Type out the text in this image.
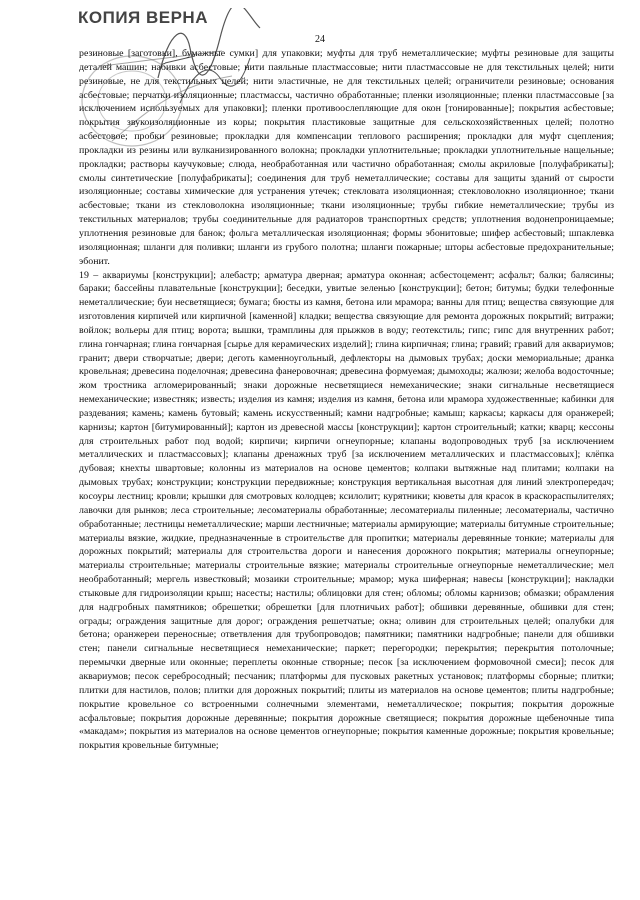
КОПИЯ ВЕРНА
24

резиновые [заготовки], бумажные сумки] для упаковки; муфты для труб неметаллические; муфты резиновые для защиты деталей машин; набивки асбестовые; нити паяльные пластмассовые; нити пластмассовые не для текстильных целей; нити резиновые, не для текстильных целей; нити эластичные, не для текстильных целей; ограничители резиновые; основания асбестовые; перчатки изоляционные; пластмассы, частично обработанные; пленки изоляционные; пленки пластмассовые [за исключением используемых для упаковки]; пленки противоослепляющие для окон [тонированные]; покрытия асбестовые; покрытия звукоизоляционные из коры; покрытия пластиковые защитные для сельскохозяйственных целей; полотно асбестовое; пробки резиновые; прокладки для компенсации теплового расширения; прокладки для муфт сцепления; прокладки из резины или вулканизированного волокна; прокладки уплотнительные; прокладки уплотнительные нащельные; прокладки; растворы каучуковые; слюда, необработанная или частично обработанная; смолы акриловые [полуфабрикаты]; смолы синтетические [полуфабрикаты]; соединения для труб неметаллические; составы для защиты зданий от сырости изоляционные; составы химические для устранения утечек; стекловата изоляционная; стекловолокно изоляционное; ткани асбестовые; ткани из стекловолокна изоляционные; ткани изоляционные; трубы гибкие неметаллические; трубы из текстильных материалов; трубы соединительные для радиаторов транспортных средств; уплотнения водонепроницаемые; уплотнения резиновые для банок; фольга металлическая изоляционная; формы эбонитовые; шифер асбестовый; шпаклевка изоляционная; шланги для поливки; шланги из грубого полотна; шланги пожарные; шторы асбестовые предохранительные; эбонит.

19 – аквариумы [конструкции]; алебастр; арматура дверная; арматура оконная; асбестоцемент; асфальт; балки; балясины; бараки; бассейны плавательные [конструкции]; беседки, увитые зеленью [конструкции]; бетон; битумы; будки телефонные неметаллические; буи несветящиеся; бумага; бюсты из камня, бетона или мрамора; ванны для птиц; вещества связующие для изготовления кирпичей или кирпичной [каменной] кладки; вещества связующие для ремонта дорожных покрытий; витражи; войлок; вольеры для птиц; ворота; вышки, трамплины для прыжков в воду; геотекстиль; гипс; гипс для внутренних работ; глина гончарная; глина гончарная [сырье для керамических изделий]; глина кирпичная; глина; гравий; гравий для аквариумов; гранит; двери створчатые; двери; деготь каменноугольный, дефлекторы на дымовых трубах; доски мемориальные; дранка кровельная; древесина поделочная; древесина фанеровочная; древесина формуемая; дымоходы; жалюзи; желоба водосточные; жом тростника агломерированный; знаки дорожные несветящиеся немеханические; знаки сигнальные несветящиеся немеханические; известняк; известь; изделия из камня; изделия из камня, бетона или мрамора художественные; кабинки для раздевания; камень; камень бутовый; камень искусственный; камни надгробные; камыш; каркасы; каркасы для оранжерей; карнизы; картон [битумированный]; картон из древесной массы [конструкции]; картон строительный; катки; кварц; кессоны для строительных работ под водой; кирпичи; кирпичи огнеупорные; клапаны водопроводных труб [за исключением металлических и пластмассовых]; клапаны дренажных труб [за исключением металлических и пластмассовых]; клёпка дубовая; кнехты швартовые; колонны из материалов на основе цементов; колпаки вытяжные над плитами; колпаки на дымовых трубах; конструкции; конструкции передвижные; конструкция вертикальная высотная для линий электропередач; косоуры лестниц; кровли; крышки для смотровых колодцев; ксилолит; курятники; кюветы для красок в краскораспылителях; лавочки для рынков; леса строительные; лесоматериалы обработанные; лесоматериалы пиленные; лесоматериалы, частично обработанные; лестницы неметаллические; марши лестничные; материалы армирующие; материалы битумные строительные; материалы вязкие, жидкие, предназначенные в строительстве для пропитки; материалы деревянные тонкие; материалы для дорожных покрытий; материалы для строительства дороги и нанесения дорожного покрытия; материалы огнеупорные; материалы строительные; материалы строительные вязкие; материалы строительные огнеупорные неметаллические; мел необработанный; мергель известковый; мозаики строительные; мрамор; мука шиферная; навесы [конструкции]; накладки стыковые для гидроизоляции крыш; насесты; настилы; облицовки для стен; обломы; обломы карнизов; обмазки; обрамления для надгробных памятников; обрешетки; обрешетки [для плотничьих работ]; обшивки деревянные, обшивки для стен; ограды; ограждения защитные для дорог; ограждения решетчатые; окна; оливин для строительных целей; опалубки для бетона; оранжереи переносные; ответвления для трубопроводов; памятники; памятники надгробные; панели для обшивки стен; панели сигнальные несветящиеся немеханические; паркет; перегородки; перекрытия; перекрытия потолочные; перемычки дверные или оконные; переплеты оконные створные; песок [за исключением формовочной смеси]; песок для аквариумов; песок серебросодный; песчаник; платформы для пусковых ракетных установок; платформы сборные; плитки; плитки для настилов, полов; плитки для дорожных покрытий; плиты из материалов на основе цементов; плиты надгробные; покрытие кровельное со встроенными солнечными элементами, неметаллическое; покрытия; покрытия дорожные асфальтовые; покрытия дорожные деревянные; покрытия дорожные светящиеся; покрытия дорожные щебеночные типа «макадам»; покрытия из материалов на основе цементов огнеупорные; покрытия каменные дорожные; покрытия кровельные; покрытия кровельные битумные;
